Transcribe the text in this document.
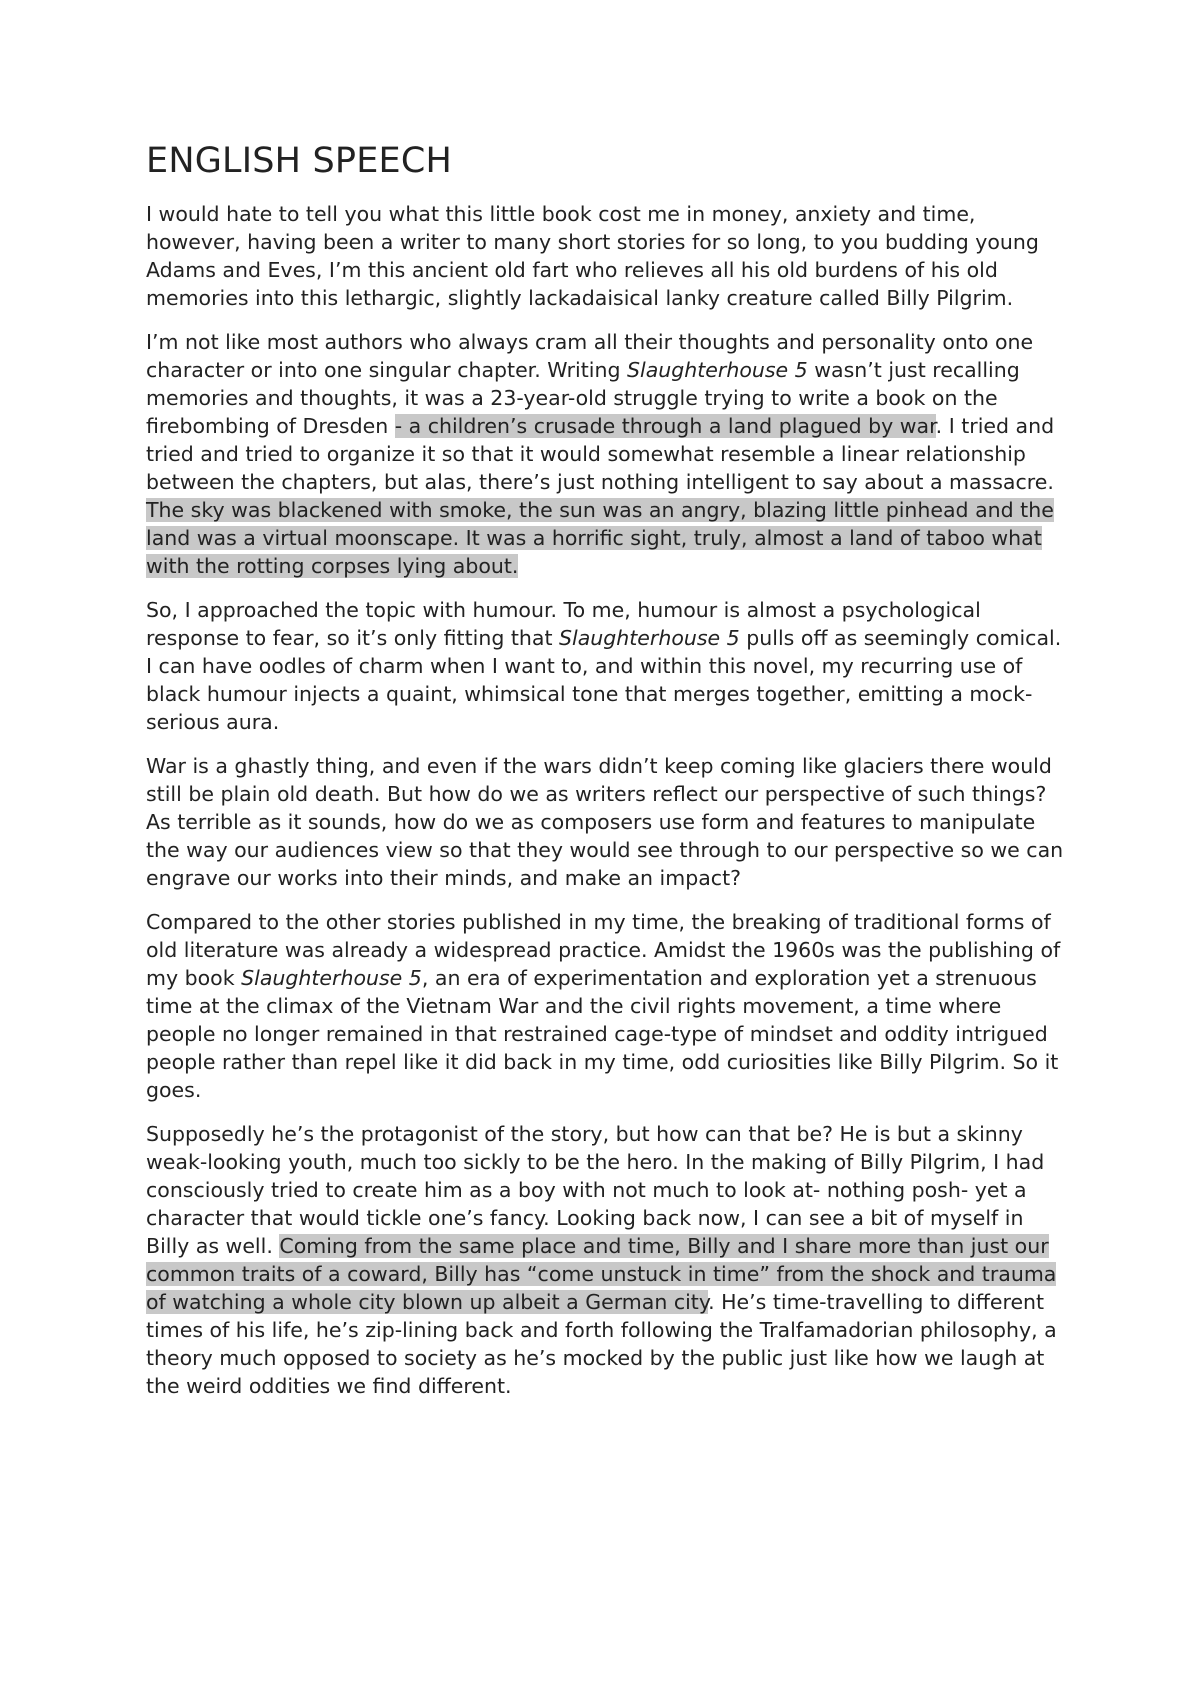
ENGLISH SPEECH

I would hate to tell you what this little book cost me in money, anxiety and time, however, having been a writer to many short stories for so long, to you budding young Adams and Eves, I’m this ancient old fart who relieves all his old burdens of his old memories into this lethargic, slightly lackadaisical lanky creature called Billy Pilgrim.

I’m not like most authors who always cram all their thoughts and personality onto one character or into one singular chapter. Writing Slaughterhouse 5 wasn’t just recalling memories and thoughts, it was a 23-year-old struggle trying to write a book on the firebombing of Dresden - a children’s crusade through a land plagued by war. I tried and tried and tried to organize it so that it would somewhat resemble a linear relationship between the chapters, but alas, there’s just nothing intelligent to say about a massacre. The sky was blackened with smoke, the sun was an angry, blazing little pinhead and the land was a virtual moonscape. It was a horrific sight, truly, almost a land of taboo what with the rotting corpses lying about.

So, I approached the topic with humour. To me, humour is almost a psychological response to fear, so it’s only fitting that Slaughterhouse 5 pulls off as seemingly comical. I can have oodles of charm when I want to, and within this novel, my recurring use of black humour injects a quaint, whimsical tone that merges together, emitting a mock-serious aura.

War is a ghastly thing, and even if the wars didn’t keep coming like glaciers there would still be plain old death. But how do we as writers reflect our perspective of such things? As terrible as it sounds, how do we as composers use form and features to manipulate the way our audiences view so that they would see through to our perspective so we can engrave our works into their minds, and make an impact?

Compared to the other stories published in my time, the breaking of traditional forms of old literature was already a widespread practice. Amidst the 1960s was the publishing of my book Slaughterhouse 5, an era of experimentation and exploration yet a strenuous time at the climax of the Vietnam War and the civil rights movement, a time where people no longer remained in that restrained cage-type of mindset and oddity intrigued people rather than repel like it did back in my time, odd curiosities like Billy Pilgrim. So it goes.

Supposedly he’s the protagonist of the story, but how can that be? He is but a skinny weak-looking youth, much too sickly to be the hero. In the making of Billy Pilgrim, I had consciously tried to create him as a boy with not much to look at- nothing posh- yet a character that would tickle one’s fancy. Looking back now, I can see a bit of myself in Billy as well. Coming from the same place and time, Billy and I share more than just our common traits of a coward, Billy has “come unstuck in time” from the shock and trauma of watching a whole city blown up albeit a German city. He’s time-travelling to different times of his life, he’s zip-lining back and forth following the Tralfamadorian philosophy, a theory much opposed to society as he’s mocked by the public just like how we laugh at the weird oddities we find different.
